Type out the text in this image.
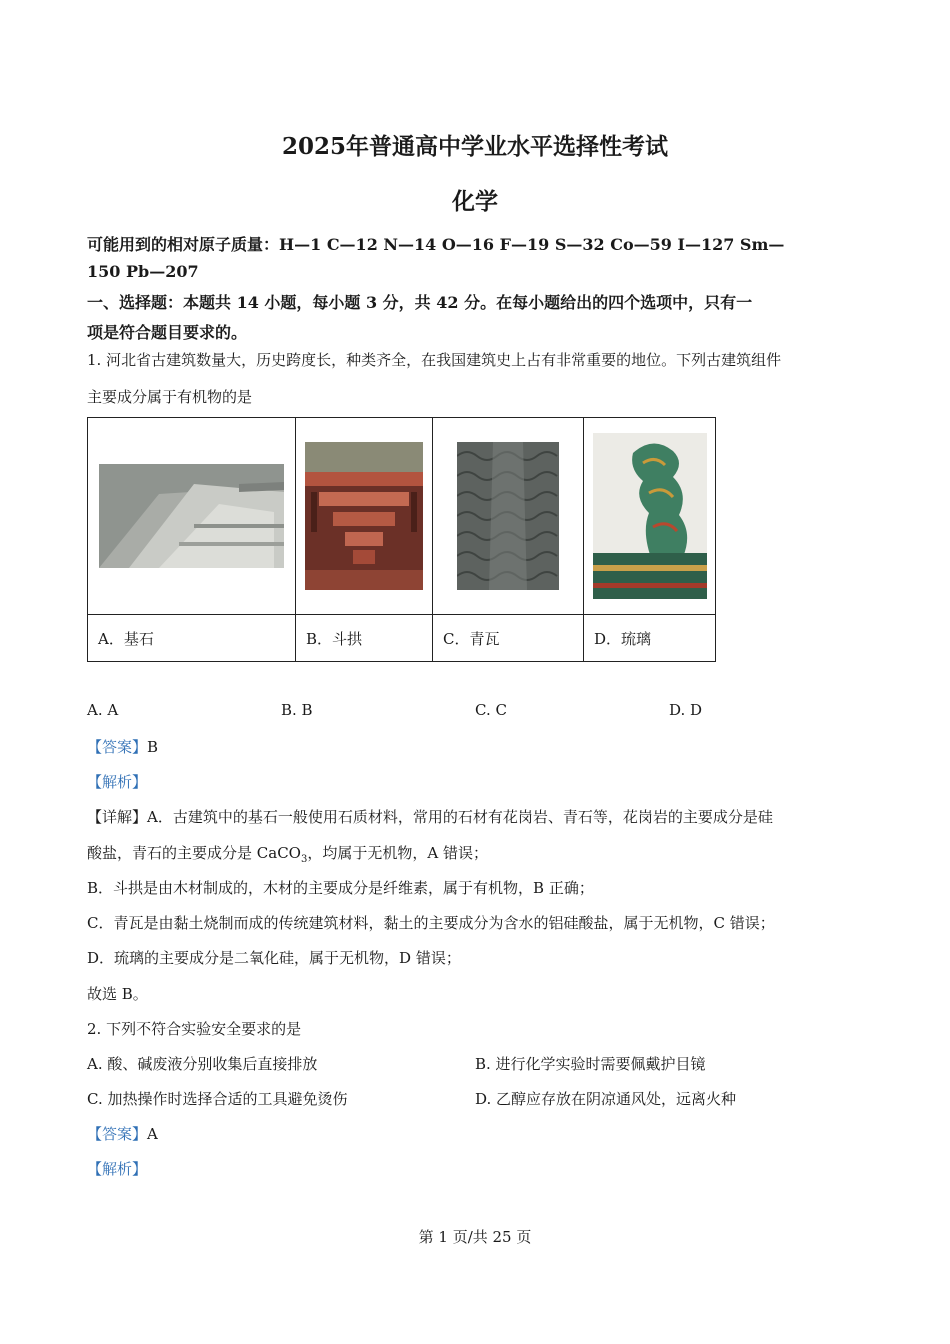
2025年普通高中学业水平选择性考试
化学
可能用到的相对原子质量：H—1 C—12 N—14 O—16 F—19 S—32 Co—59 I—127 Sm—
150 Pb—207
一、选择题：本题共 14 小题，每小题 3 分，共 42 分。在每小题给出的四个选项中，只有一
项是符合题目要求的。
1. 河北省古建筑数量大，历史跨度长，种类齐全，在我国建筑史上占有非常重要的地位。下列古建筑组件
主要成分属于有机物的是

A．基石	B．斗拱	C．青瓦	D．琉璃
A. A	B. B	C. C	D. D
【答案】B
【解析】
【详解】A．古建筑中的基石一般使用石质材料，常用的石材有花岗岩、青石等，花岗岩的主要成分是硅
酸盐，青石的主要成分是 CaCO$_3$，均属于无机物，A 错误；
B．斗拱是由木材制成的，木材的主要成分是纤维素，属于有机物，B 正确；
C．青瓦是由黏土烧制而成的传统建筑材料，黏土的主要成分为含水的铝硅酸盐，属于无机物，C 错误；
D．琉璃的主要成分是二氧化硅，属于无机物，D 错误；
故选 B。
2. 下列不符合实验安全要求的是
A. 酸、碱废液分别收集后直接排放	B. 进行化学实验时需要佩戴护目镜
C. 加热操作时选择合适的工具避免烫伤	D. 乙醇应存放在阴凉通风处，远离火种
【答案】A
【解析】
第 1 页/共 25 页
